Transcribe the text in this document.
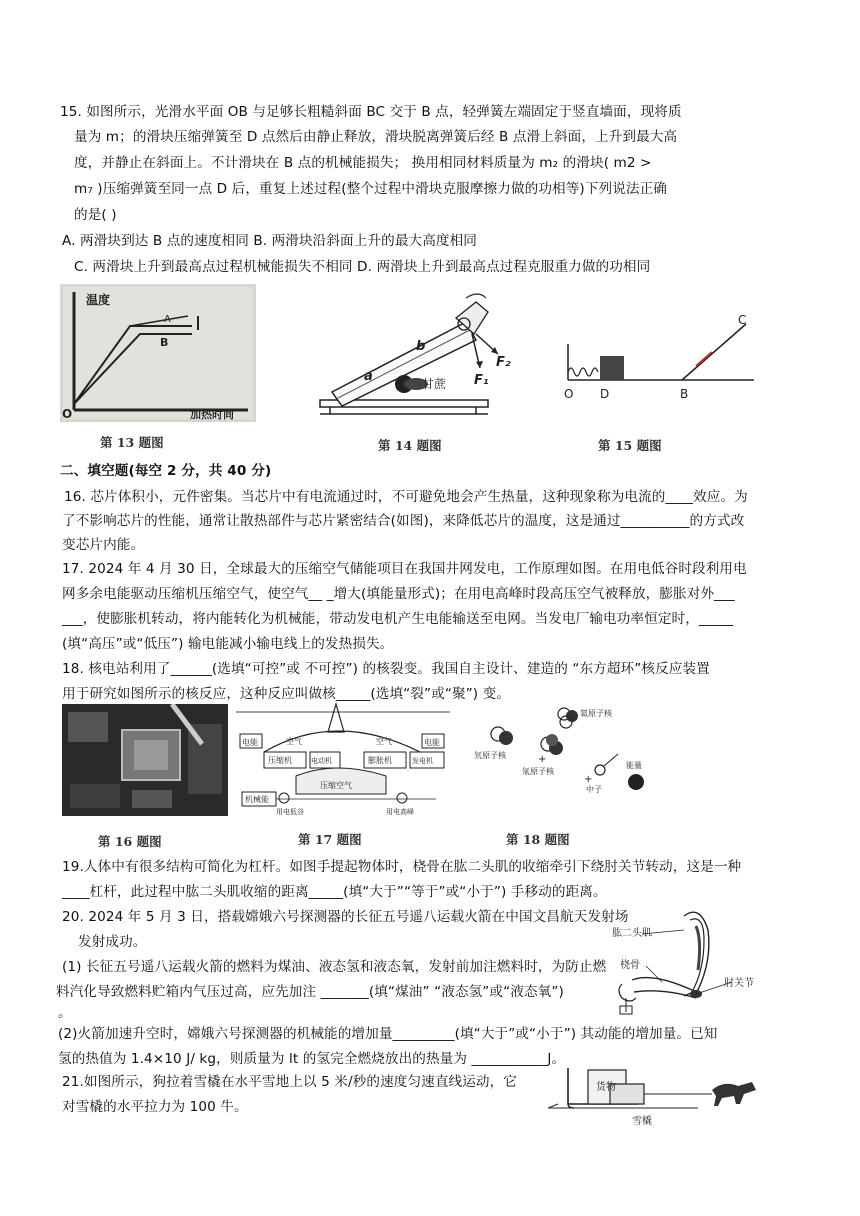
15. 如图所示，光滑水平面 OB 与足够长粗糙斜面 BC 交于 B 点，轻弹簧左端固定于竖直墙面，现将质
量为 m；的滑块压缩弹簧至 D 点然后由静止释放，滑块脱离弹簧后经 B 点滑上斜面，上升到最大高
度，并静止在斜面上。不计滑块在 B 点的机械能损失； 换用相同材料质量为 m₂ 的滑块( m2 >
m₇ )压缩弹簧至同一点 D 后，重复上述过程(整个过程中滑块克服摩擦力做的功相等)下列说法正确
的是( )
A. 两滑块到达 B 点的速度相同 B. 两滑块沿斜面上升的最大高度相同
C. 两滑块上升到最高点过程机械能损失不相同 D. 两滑块上升到最高点过程克服重力做的功相同
温度
A
B
O	加热时间
第 13 题图
a
b
F₂
F₁
甘蔗
第 14 题图
O D	B
C
第 15 题图
二、填空题(每空 2 分，共 40 分)
16. 芯片体积小，元件密集。当芯片中有电流通过时，不可避免地会产生热量，这种现象称为电流的____效应。为
了不影响芯片的性能，通常让散热部件与芯片紧密结合(如图)，来降低芯片的温度，这是通过__________的方式改
变芯片内能。
17. 2024 年 4 月 30 日，全球最大的压缩空气储能项目在我国井网发电，工作原理如图。在用电低谷时段利用电
网多余电能驱动压缩机压缩空气，使空气__ _增大(填能量形式)；在用电高峰时段高压空气被释放，膨胀对外___
___，使膨胀机转动，将内能转化为机械能，带动发电机产生电能输送至电网。当发电厂输电功率恒定时，_____
(填“高压”或“低压”) 输电能减小输电线上的发热损失。
18. 核电站利用了______(选填“可控”或 不可控”) 的核裂变。我国自主设计、建造的 “东方超环”核反应装置
用于研究如图所示的核反应，这种反应叫做核_____(选填“裂”或“聚”) 变。
第 16 题图
电能	电能
空气	空气
压缩机	膨胀机
电动机	发电机
压缩空气
机械能
用电低谷	用电高峰
第 17 题图
+
+
氦原子核
氘原子核
氚原子核
中子
能量
第 18 题图
19.人体中有很多结构可简化为杠杆。如图手提起物体时，桡骨在肱二头肌的收缩牵引下绕肘关节转动，这是一种
____杠杆，此过程中肱二头肌收缩的距离_____(填“大于”“等于”或“小于”) 手移动的距离。
20. 2024 年 5 月 3 日，搭载嫦娥六号探测器的长征五号遥八运载火箭在中国文昌航天发射场
发射成功。
(1) 长征五号遥八运载火箭的燃料为煤油、液态氢和液态氧，发射前加注燃料时，为防止燃
料汽化导致燃料贮箱内气压过高，应先加注 _______(填“煤油” “液态氢”或“液态氧”)
。
(2)火箭加速升空时，嫦娥六号探测器的机械能的增加量_________(填“大于”或“小于”) 其动能的增加量。已知
氢的热值为 1.4×10 J/ kg，则质量为 lt 的氢完全燃烧放出的热量为 ___________J。
肱二头肌
桡骨
肘关节
21.如图所示，狗拉着雪橇在水平雪地上以 5 米/秒的速度匀速直线运动，它
对雪橇的水平拉力为 100 牛。
货物
雪橇
